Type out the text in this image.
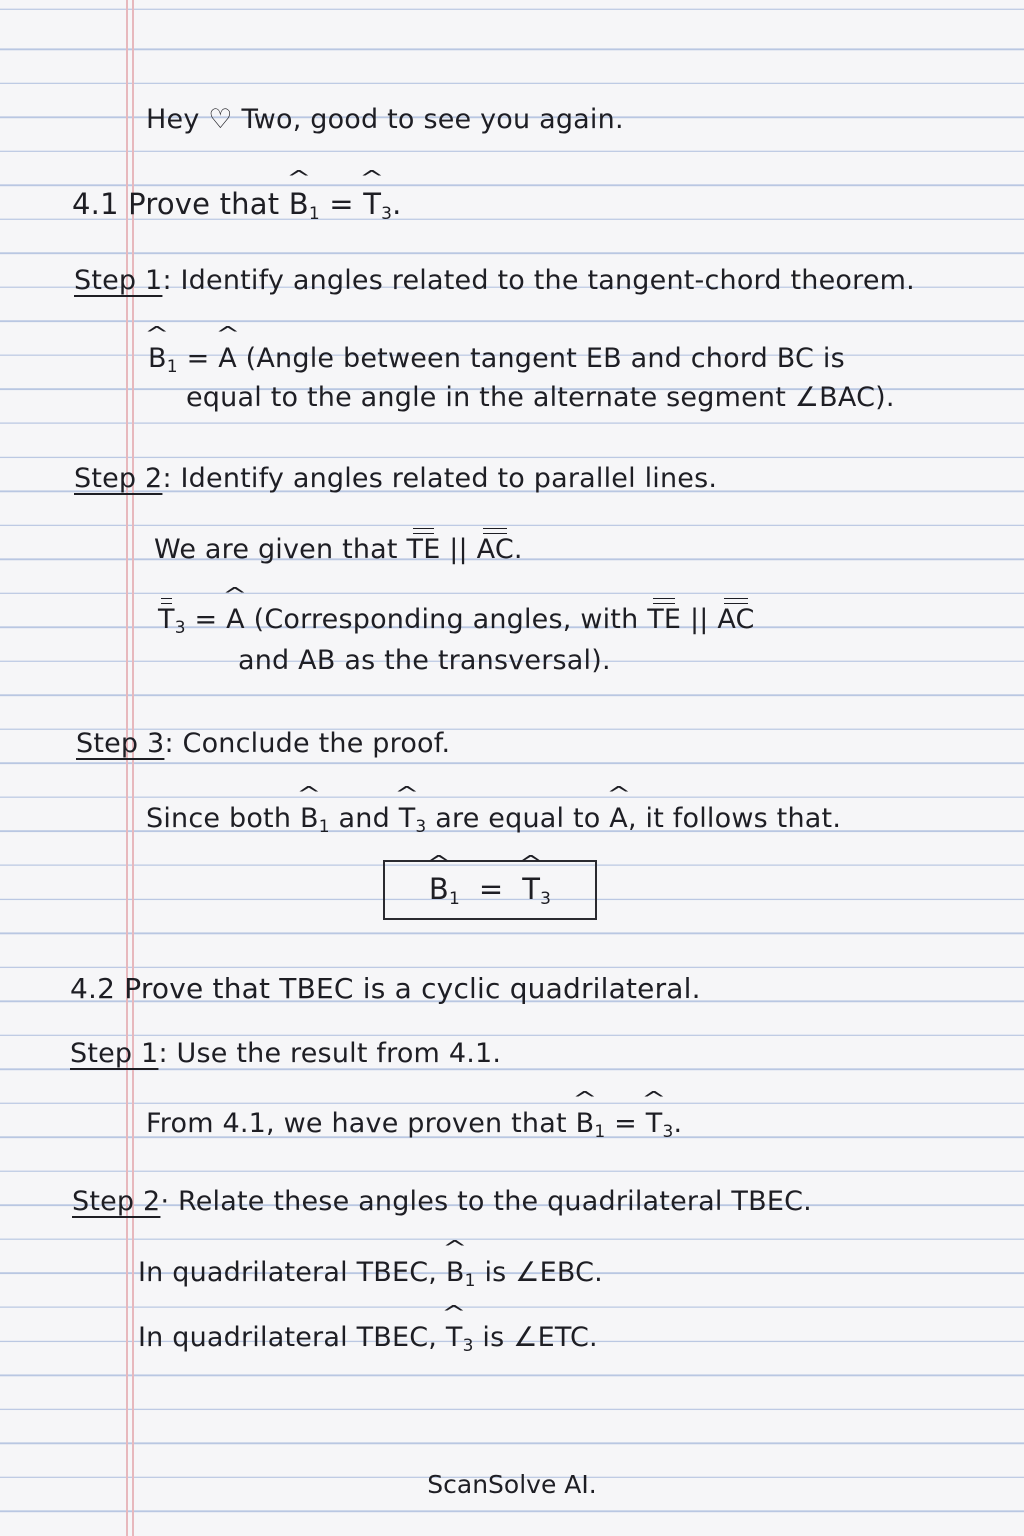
Hey ♡ Two, good to see you again.
4.1 Prove that ^ $B_1$ = ^ $T_3$.
Step 1: Identify angles related to the tangent-chord theorem.
^ $B_1$ = ^ A (Angle between tangent EB and chord BC is
equal to the angle in the alternate segment ∠BAC).
Step 2: Identify angles related to parallel lines.
We are given that TE || AC.
$T_3$ = ^ A (Corresponding angles, with TE || AC
and AB as the transversal).
Step 3: Conclude the proof.
Since both ^ $B_1$ and ^ $T_3$ are equal to ^ A, it follows that.
^ $B_1$ = ^ $T_3$
4.2 Prove that TBEC is a cyclic quadrilateral.
Step 1: Use the result from 4.1.
From 4.1, we have proven that ^ $B_1$ = ^ $T_3$.
Step 2· Relate these angles to the quadrilateral TBEC.
In quadrilateral TBEC, ^ $B_1$ is ∠EBC.
In quadrilateral TBEC, ^ $T_3$ is ∠ETC.
ScanSolve AI.
